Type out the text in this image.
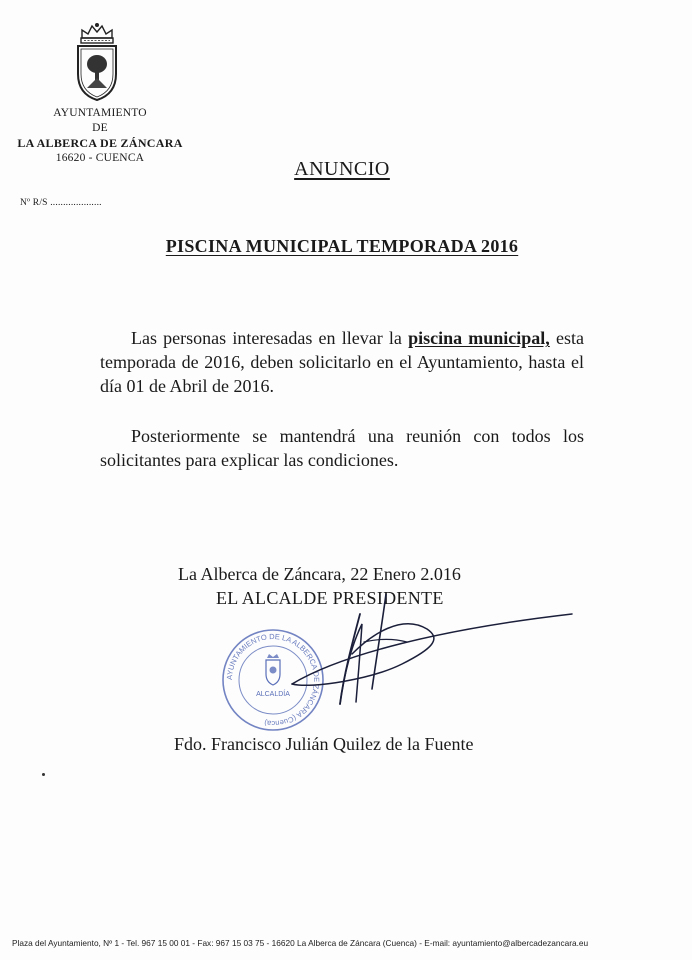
AYUNTAMIENTO
DE
LA ALBERCA DE ZÁNCARA
16620 - CUENCA	ANUNCIO
Nº R/S ....................
PISCINA MUNICIPAL TEMPORADA 2016
Las personas interesadas en llevar la piscina municipal, esta temporada de 2016, deben solicitarlo en el Ayuntamiento, hasta el día 01 de Abril de 2016.
Posteriormente se mantendrá una reunión con todos los solicitantes para explicar las condiciones.
La Alberca de Záncara, 22 Enero 2.016
EL ALCALDE PRESIDENTE
AYUNTAMIENTO DE LA ALBERCA DE ZÁNCARA (Cuenca)
ALCALDÍA
Fdo. Francisco Julián Quilez de la Fuente
Plaza del Ayuntamiento, Nº 1 - Tel. 967 15 00 01 - Fax: 967 15 03 75 - 16620 La Alberca de Záncara (Cuenca) - E-mail: ayuntamiento@albercadezancara.eu
